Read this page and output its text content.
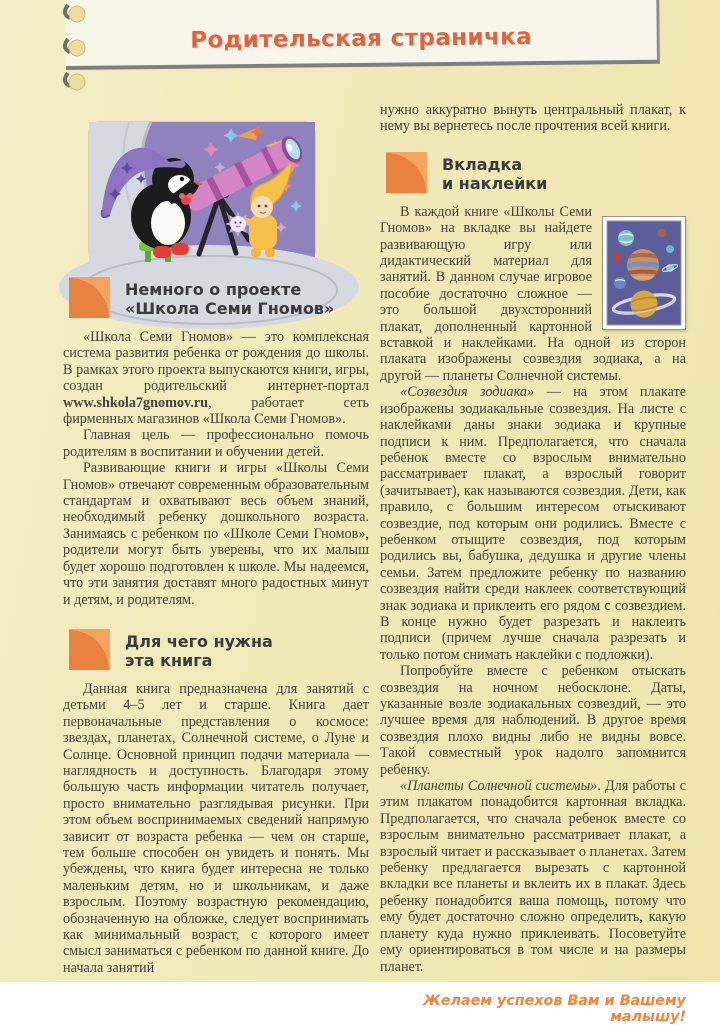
Родительская страничка
Немного о проекте
«Школа Семи Гномов»

«Школа Семи Гномов» — это комплексная система развития ребенка от рождения до школы. В рамках этого проекта выпускаются книги, игры, создан родительский интернет-портал www.shkola7gnomov.ru, работает сеть фирменных магазинов «Школа Семи Гномов».

Главная цель — профессионально помочь родителям в воспитании и обучении детей.

Развивающие книги и игры «Школы Семи Гномов» отвечают современным образовательным стандартам и охватывают весь объем знаний, необходимый ребенку дошкольного возраста. Занимаясь с ребенком по «Школе Семи Гномов», родители могут быть уверены, что их малыш будет хорошо подготовлен к школе. Мы надеемся, что эти занятия доставят много радостных минут и детям, и родителям.

Для чего нужна
эта книга

Данная книга предназначена для занятий с детьми 4–5 лет и старше. Книга дает первоначальные представления о космосе: звездах, планетах, Солнечной системе, о Луне и Солнце. Основной принцип подачи материала — наглядность и доступность. Благодаря этому большую часть информации читатель получает, просто внимательно разглядывая рисунки. При этом объем воспринимаемых сведений напрямую зависит от возраста ребенка — чем он старше, тем больше способен он увидеть и понять. Мы убеждены, что книга будет интересна не только маленьким детям, но и школьникам, и даже взрослым. Поэтому возрастную рекомендацию, обозначенную на обложке, следует воспринимать как минимальный возраст, с которого имеет смысл заниматься с ребенком по данной книге. До начала занятий

нужно аккуратно вынуть центральный плакат, к нему вы вернетесь после прочтения всей книги.

Вкладка
и наклейки

В каждой книге «Школы Семи Гномов» на вкладке вы найдете развивающую игру или дидактический материал для занятий. В данном случае игровое пособие достаточно сложное — это большой двухсторонний плакат, дополненный картонной вставкой и наклейками. На одной из сторон плаката изображены созвездия зодиака, а на другой — планеты Солнечной системы.

«Созвездия зодиака» — на этом плакате изображены зодиакальные созвездия. На листе с наклейками даны знаки зодиака и крупные подписи к ним. Предполагается, что сначала ребенок вместе со взрослым внимательно рассматривает плакат, а взрослый говорит (зачитывает), как называются созвездия. Дети, как правило, с большим интересом отыскивают созвездие, под которым они родились. Вместе с ребенком отыщите созвездия, под которым родились вы, бабушка, дедушка и другие члены семьи. Затем предложите ребенку по названию созвездия найти среди наклеек соответствующий знак зодиака и приклеить его рядом с созвездием. В конце нужно будет разрезать и наклеить подписи (причем лучше сначала разрезать и только потом снимать наклейки с подложки).

Попробуйте вместе с ребенком отыскать созвездия на ночном небосклоне. Даты, указанные возле зодиакальных созвездий, — это лучшее время для наблюдений. В другое время созвездия плохо видны либо не видны вовсе. Такой совместный урок надолго запомнится ребенку.

«Планеты Солнечной системы». Для работы с этим плакатом понадобится картонная вкладка. Предполагается, что сначала ребенок вместе со взрослым внимательно рассматривает плакат, а взрослый читает и рассказывает о планетах. Затем ребенку предлагается вырезать с картонной вкладки все планеты и вклеить их в плакат. Здесь ребенку понадобится ваша помощь, потому что ему будет достаточно сложно определить, какую планету куда нужно приклеивать. Посоветуйте ему ориентироваться в том числе и на размеры планет.

Желаем успехов Вам и Вашему малышу!
